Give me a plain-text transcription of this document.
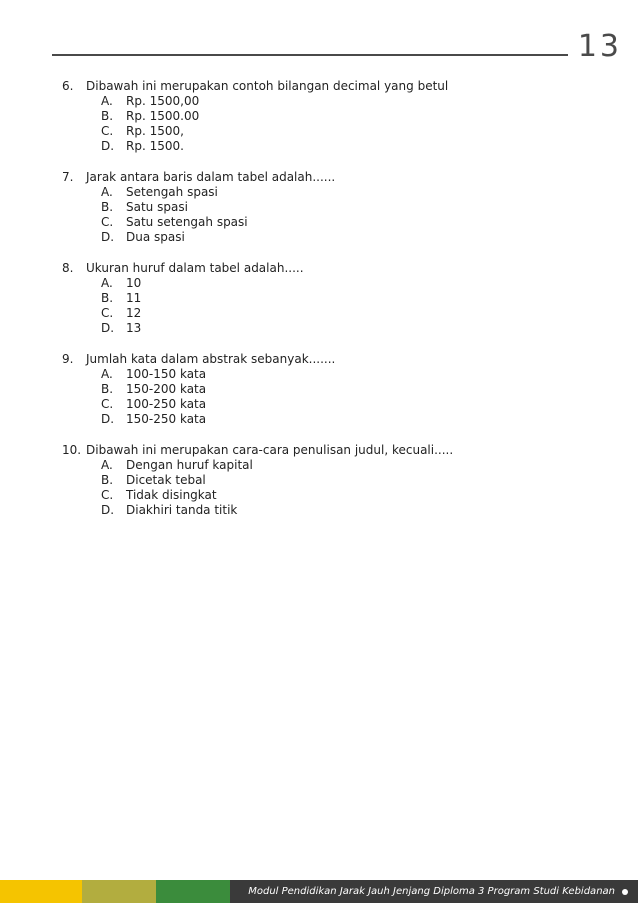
13
6.	Dibawah ini merupakan contoh bilangan decimal yang betul
A.	Rp. 1500,00
B.	Rp. 1500.00
C.	Rp. 1500,
D. Rp. 1500.
7.	Jarak antara baris dalam tabel adalah......
A.	Setengah spasi
B.	Satu spasi
C.	Satu setengah spasi
D. Dua spasi
8.	Ukuran huruf dalam tabel adalah.....
A.	10
B.	11
C.	12
D. 13
9.	Jumlah kata dalam abstrak sebanyak.......
A.	100-150 kata
B.	150-200 kata
C.	100-250 kata
D. 150-250 kata
10. Dibawah ini merupakan cara-cara penulisan judul, kecuali.....
A.	Dengan huruf kapital
B.	Dicetak tebal
C.	Tidak disingkat
D. Diakhiri tanda titik
Modul Pendidikan Jarak Jauh Jenjang Diploma 3 Program Studi Kebidanan
